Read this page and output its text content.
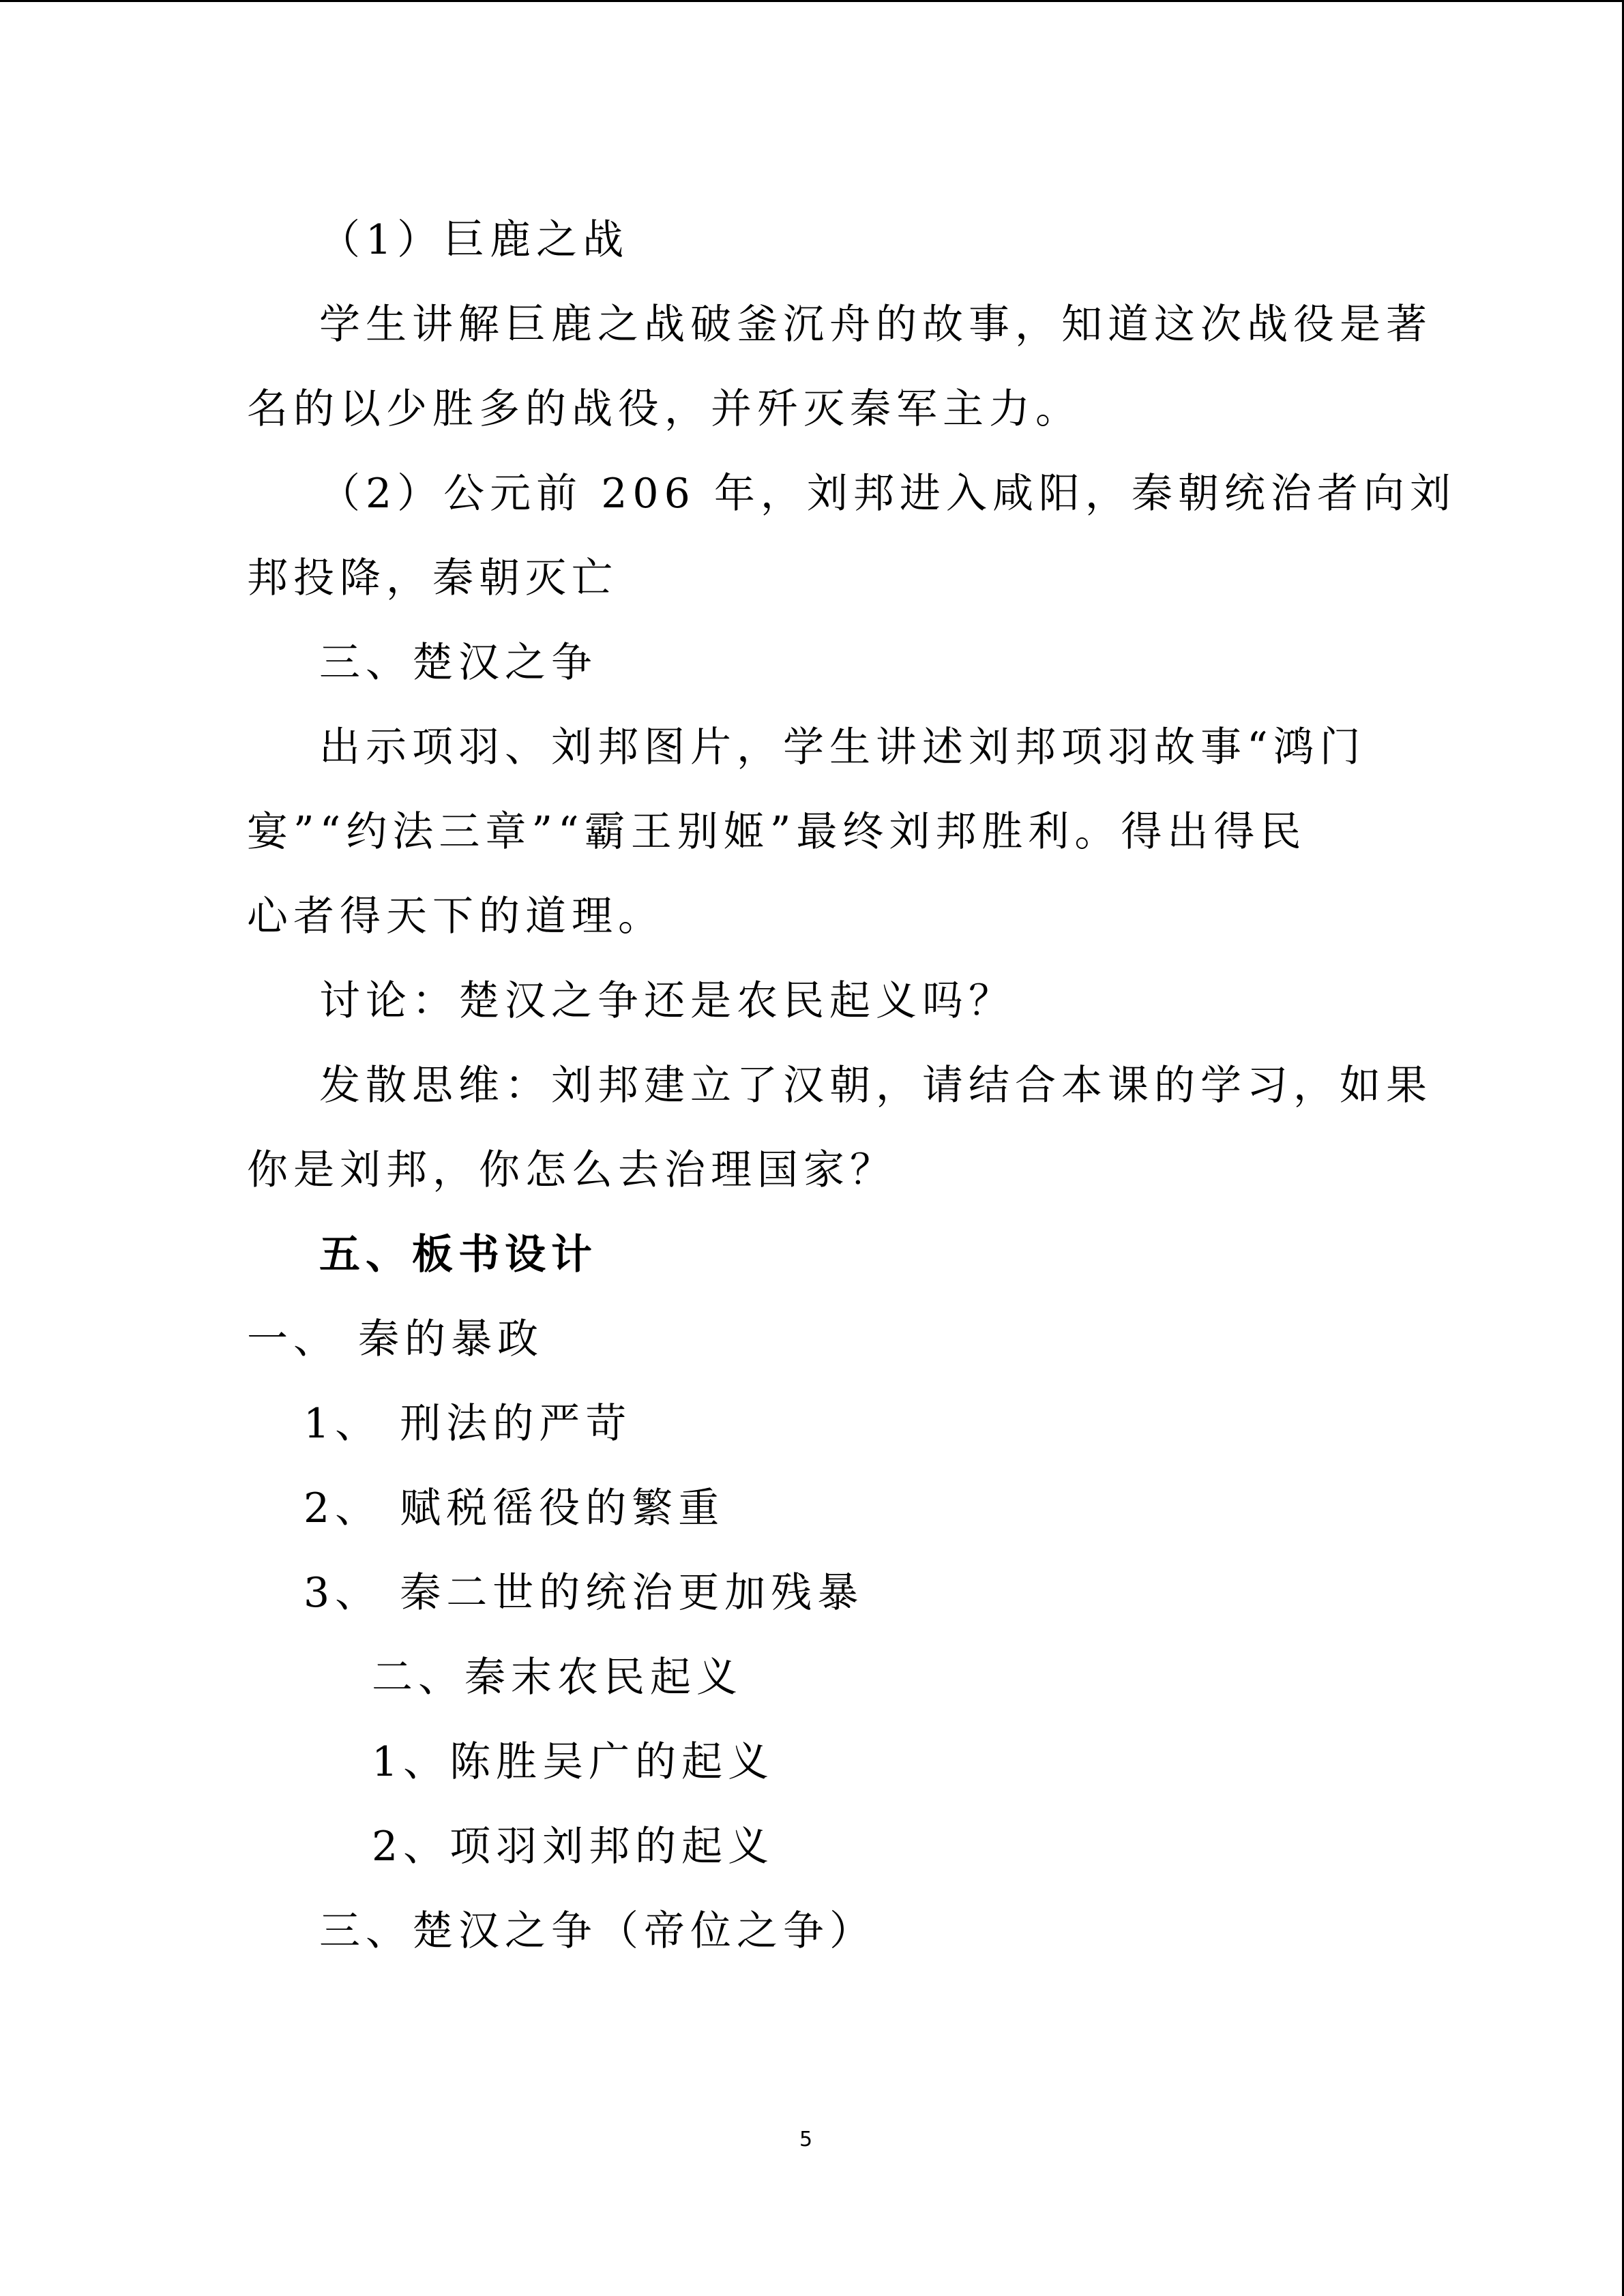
（1）巨鹿之战
学生讲解巨鹿之战破釜沉舟的故事，知道这次战役是著
名的以少胜多的战役，并歼灭秦军主力。
（2）公元前 206 年，刘邦进入咸阳，秦朝统治者向刘
邦投降，秦朝灭亡
三、楚汉之争
出示项羽、刘邦图片，学生讲述刘邦项羽故事“鸿门
宴”“约法三章”“霸王别姬”最终刘邦胜利。得出得民
心者得天下的道理。
讨论：楚汉之争还是农民起义吗？
发散思维：刘邦建立了汉朝，请结合本课的学习，如果
你是刘邦，你怎么去治理国家？
五、板书设计
一、 秦的暴政
1、 刑法的严苛
2、 赋税徭役的繁重
3、 秦二世的统治更加残暴
二、秦末农民起义
1、陈胜吴广的起义
2、项羽刘邦的起义
三、楚汉之争（帝位之争）
5
